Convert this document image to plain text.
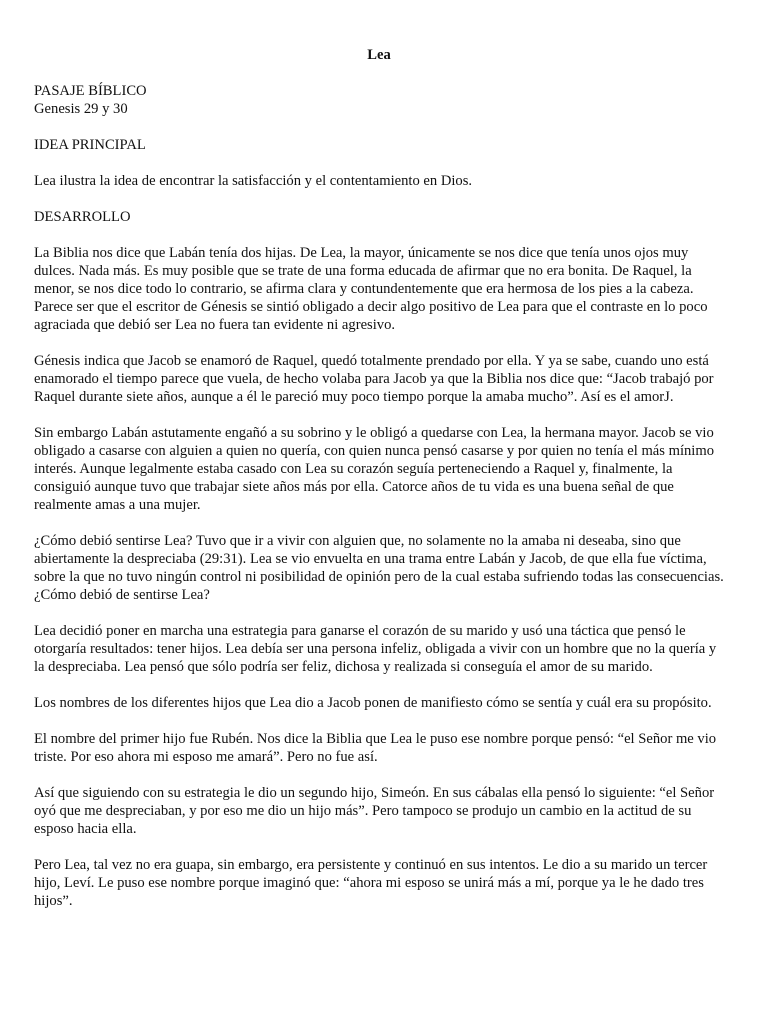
Lea
PASAJE BÍBLICO
Genesis 29 y 30

IDEA PRINCIPAL

Lea ilustra la idea de encontrar la satisfacción y el contentamiento en Dios.

DESARROLLO

La Biblia nos dice que Labán tenía dos hijas. De Lea, la mayor, únicamente se nos dice que tenía unos ojos muy dulces. Nada más. Es muy posible que se trate de una forma educada de afirmar que no era bonita. De Raquel, la menor, se nos dice todo lo contrario, se afirma clara y contundentemente que era hermosa de los pies a la cabeza. Parece ser que el escritor de Génesis se sintió obligado a decir algo positivo de Lea para que el contraste en lo poco agraciada que debió ser Lea no fuera tan evidente ni agresivo.

Génesis indica que Jacob se enamoró de Raquel, quedó totalmente prendado por ella. Y ya se sabe, cuando uno está enamorado el tiempo parece que vuela, de hecho volaba para Jacob ya que la Biblia nos dice que: “Jacob trabajó por Raquel durante siete años, aunque a él le pareció muy poco tiempo porque la amaba mucho”. Así es el amorJ.

Sin embargo Labán astutamente engañó a su sobrino y le obligó a quedarse con Lea, la hermana mayor. Jacob se vio obligado a casarse con alguien a quien no quería, con quien nunca pensó casarse y por quien no tenía el más mínimo interés. Aunque legalmente estaba casado con Lea su corazón seguía perteneciendo a Raquel y, finalmente, la consiguió aunque tuvo que trabajar siete años más por ella. Catorce años de tu vida es una buena señal de que realmente amas a una mujer.

¿Cómo debió sentirse Lea? Tuvo que ir a vivir con alguien que, no solamente no la amaba ni deseaba, sino que abiertamente la despreciaba (29:31). Lea se vio envuelta en una trama entre Labán y Jacob, de que ella fue víctima, sobre la que no tuvo ningún control ni posibilidad de opinión pero de la cual estaba sufriendo todas las consecuencias. ¿Cómo debió de sentirse Lea?

Lea decidió poner en marcha una estrategia para ganarse el corazón de su marido y usó una táctica que pensó le otorgaría resultados: tener hijos. Lea debía ser una persona infeliz, obligada a vivir con un hombre que no la quería y la despreciaba. Lea pensó que sólo podría ser feliz, dichosa y realizada si conseguía el amor de su marido.

Los nombres de los diferentes hijos que Lea dio a Jacob ponen de manifiesto cómo se sentía y cuál era su propósito.

El nombre del primer hijo fue Rubén. Nos dice la Biblia que Lea le puso ese nombre porque pensó: “el Señor me vio triste. Por eso ahora mi esposo me amará”. Pero no fue así.

Así que siguiendo con su estrategia le dio un segundo hijo, Simeón. En sus cábalas ella pensó lo siguiente: “el Señor oyó que me despreciaban, y por eso me dio un hijo más”. Pero tampoco se produjo un cambio en la actitud de su esposo hacia ella.

Pero Lea, tal vez no era guapa, sin embargo, era persistente y continuó en sus intentos. Le dio a su marido un tercer hijo, Leví. Le puso ese nombre porque imaginó que: “ahora mi esposo se unirá más a mí, porque ya le he dado tres hijos”.
